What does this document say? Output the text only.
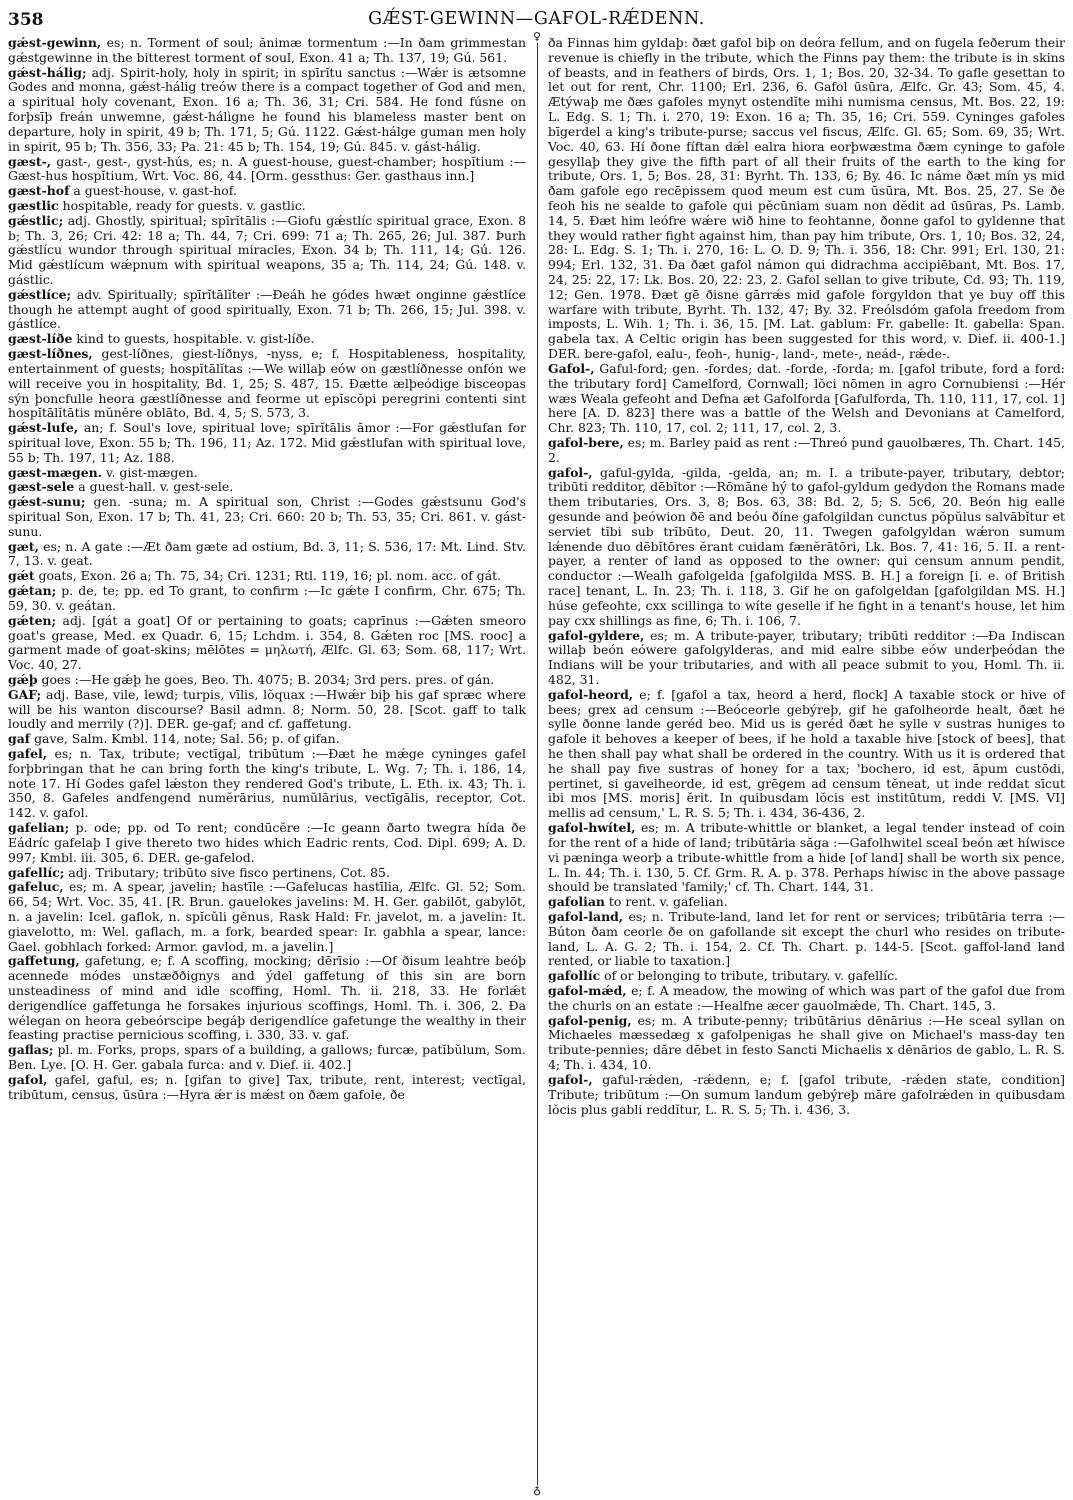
358	GǼST-GEWINN—GAFOL-RǼDENN.
♀
♁

gǽst-gewinn, es; n. Torment of soul; ănimæ tormentum :—In ðam grimmestan gǽstgewinne in the bitterest torment of soul, Exon. 41 a; Th. 137, 19; Gú. 561.

gǽst-hálig; adj. Spirit-holy, holy in spirit; in spīrĭtu sanctus :—Wǽr is ætsomne Godes and monna, gǽst-hálig treów there is a compact together of God and men, a spiritual holy covenant, Exon. 16 a; Th. 36, 31; Cri. 584. He fond fúsne on forþsīþ freán unwemne, gǽst-hálìgne he found his blameless master bent on departure, holy in spirit, 49 b; Th. 171, 5; Gú. 1122. Gǽst-hálge guman men holy in spirit, 95 b; Th. 356, 33; Pa. 21: 45 b; Th. 154, 19; Gú. 845. v. gást-hálig.

gæst-, gast-, gest-, gyst-hús, es; n. A guest-house, guest-chamber; hospĭtium :—Gæst-hus hospĭtium, Wrt. Voc. 86, 44. [Orm. gessthus: Ger. gasthaus inn.]

gæst-hof a guest-house, v. gast-hof.

gæstlic hospitable, ready for guests. v. gastlic.

gǽstlic; adj. Ghostly, spiritual; spīrĭtālis :—Giofu gǽstlíc spiritual grace, Exon. 8 b; Th. 3, 26; Cri. 42: 18 a; Th. 44, 7; Cri. 699: 71 a; Th. 265, 26; Jul. 387. Þurh gǽstlícu wundor through spiritual miracles, Exon. 34 b; Th. 111, 14; Gú. 126. Mid gǽstlícum wǽpnum with spiritual weapons, 35 a; Th. 114, 24; Gú. 148. v. gástlic.

gǽstlíce; adv. Spiritually; spīrĭtālĭter :—Ðeáh he gódes hwæt onginne gǽstlíce though he attempt aught of good spiritually, Exon. 71 b; Th. 266, 15; Jul. 398. v. gástlíce.

gæst-líðe kind to guests, hospitable. v. gist-líðe.

gæst-líðnes, gest-líðnes, giest-líðnys, -nyss, e; f. Hospitableness, hospitality, entertainment of guests; hospĭtālĭtas :—We willaþ eów on gæstlíðnesse onfón we will receive you in hospitality, Bd. 1, 25; S. 487, 15. Ðætte ælþeódige bisceopas sýn þoncfulle heora gæstlíðnesse and feorme ut epĭscŏpi peregrini contenti sint hospĭtālĭtātis mŭnĕre oblāto, Bd. 4, 5; S. 573, 3.

gǽst-lufe, an; f. Soul's love, spiritual love; spīrĭtālis ămor :—For gǽstlufan for spiritual love, Exon. 55 b; Th. 196, 11; Az. 172. Mid gǽstlufan with spiritual love, 55 b; Th. 197, 11; Az. 188.

gæst-mægen. v. gist-mægen.

gæst-sele a guest-hall. v. gest-sele.

gǽst-sunu; gen. -suna; m. A spiritual son, Christ :—Godes gǽstsunu God's spiritual Son, Exon. 17 b; Th. 41, 23; Cri. 660: 20 b; Th. 53, 35; Cri. 861. v. gást-sunu.

gæt, es; n. A gate :—Æt ðam gæte ad ostium, Bd. 3, 11; S. 536, 17: Mt. Lind. Stv. 7, 13. v. geat.

gǽt goats, Exon. 26 a; Th. 75, 34; Cri. 1231; Rtl. 119, 16; pl. nom. acc. of gát.

gǽtan; p. de, te; pp. ed To grant, to confirm :—Ic gǽte I confirm, Chr. 675; Th. 59, 30. v. geátan.

gǽten; adj. [gát a goat] Of or pertaining to goats; caprīnus :—Gǽten smeoro goat's grease, Med. ex Quadr. 6, 15; Lchdm. i. 354, 8. Gǽten roc [MS. rooc] a garment made of goat-skins; mēlōtes = μηλωτή, Ælfc. Gl. 63; Som. 68, 117; Wrt. Voc. 40, 27.

gǽþ goes :—He gǽþ he goes, Beo. Th. 4075; B. 2034; 3rd pers. pres. of gán.

GAF; adj. Base, vile, lewd; turpis, vīlis, lŏquax :—Hwǽr biþ his gaf spræc where will be his wanton discourse? Basil admn. 8; Norm. 50, 28. [Scot. gaff to talk loudly and merrily (?)]. DER. ge-gaf; and cf. gaffetung.

gaf gave, Salm. Kmbl. 114, note; Sal. 56; p. of gifan.

gafel, es; n. Tax, tribute; vectīgal, tribūtum :—Ðæt he mǽge cyninges gafel forþbringan that he can bring forth the king's tribute, L. Wg. 7; Th. i. 186, 14, note 17. Hí Godes gafel lǽston they rendered God's tribute, L. Eth. ix. 43; Th. i. 350, 8. Gafeles andfengend numĕrārius, numŭlārius, vectīgālis, receptor, Cot. 142. v. gafol.

gafelian; p. ode; pp. od To rent; condūcĕre :—Ic geann ðarto twegra hída ðe Eádríc gafelaþ I give thereto two hides which Eadric rents, Cod. Dipl. 699; A. D. 997; Kmbl. iii. 305, 6. DER. ge-gafelod.

gafellíc; adj. Tributary; tribūto sive fisco pertinens, Cot. 85.

gafeluc, es; m. A spear, javelin; hastīle :—Gafelucas hastīlia, Ælfc. Gl. 52; Som. 66, 54; Wrt. Voc. 35, 41. [R. Brun. gauelokes javelins: M. H. Ger. gabilōt, gabylōt, n. a javelin: Icel. gaflok, n. spĭcŭli gĕnus, Rask Hald: Fr. javelot, m. a javelin: It. giavelotto, m: Wel. gaflach, m. a fork, bearded spear: Ir. gabhla a spear, lance: Gael. gobhlach forked: Armor. gavlod, m. a javelin.]

gaffetung, gafetung, e; f. A scoffing, mocking; dērīsio :—Of ðisum leahtre beóþ acennede módes unstæððignys and ýdel gaffetung of this sin are born unsteadiness of mind and idle scoffing, Homl. Th. ii. 218, 33. He forlǽt derigendlíce gaffetunga he forsakes injurious scoffings, Homl. Th. i. 306, 2. Ða wélegan on heora gebeórscipe begáþ derigendlíce gafetunge the wealthy in their feasting practise pernicious scoffing, i. 330, 33. v. gaf.

gaflas; pl. m. Forks, props, spars of a building, a gallows; furcæ, patĭbŭlum, Som. Ben. Lye. [O. H. Ger. gabala furca: and v. Dief. ii. 402.]

gafol, gafel, gaful, es; n. [gifan to give] Tax, tribute, rent, interest; vectīgal, tribūtum, census, ūsūra :—Hyra ǽr is mǽst on ðæm gafole, ðe

ða Finnas him gyldaþ: ðæt gafol biþ on deóra fellum, and on fugela feðerum their revenue is chiefly in the tribute, which the Finns pay them: the tribute is in skins of beasts, and in feathers of birds, Ors. 1, 1; Bos. 20, 32-34. To gafle gesettan to let out for rent, Chr. 1100; Erl. 236, 6. Gafol ūsūra, Ælfc. Gr. 43; Som. 45, 4. Ætýwaþ me ðæs gafoles mynyt ostendĭte mihi numisma census, Mt. Bos. 22, 19: L. Edg. S. 1; Th. i. 270, 19: Exon. 16 a; Th. 35, 16; Cri. 559. Cyninges gafoles bīgerdel a king's tribute-purse; saccus vel fiscus, Ælfc. Gl. 65; Som. 69, 35; Wrt. Voc. 40, 63. Hí ðone fíftan dǽl ealra hiora eorþwæstma ðæm cyninge to gafole gesyllaþ they give the fifth part of all their fruits of the earth to the king for tribute, Ors. 1, 5; Bos. 28, 31: Byrht. Th. 133, 6; By. 46. Ic náme ðæt mín ys mid ðam gafole ego recēpissem quod meum est cum ūsūra, Mt. Bos. 25, 27. Se ðe feoh his ne sealde to gafole qui pĕcūniam suam non dĕdit ad ūsūras, Ps. Lamb. 14, 5. Ðæt him leófre wǽre wið hine to feohtanne, ðonne gafol to gyldenne that they would rather fight against him, than pay him tribute, Ors. 1, 10; Bos. 32, 24, 28: L. Edg. S. 1; Th. i. 270, 16: L. O. D. 9; Th. i. 356, 18: Chr. 991; Erl. 130, 21: 994; Erl. 132, 31. Ða ðæt gafol námon qui didrachma accipiēbant, Mt. Bos. 17, 24, 25: 22, 17: Lk. Bos. 20, 22: 23, 2. Gafol sellan to give tribute, Cd. 93; Th. 119, 12; Gen. 1978. Ðæt gē ðisne gārrǽs mid gafole forgyldon that ye buy off this warfare with tribute, Byrht. Th. 132, 47; By. 32. Freólsdóm gafola freedom from imposts, L. Wih. 1; Th. i. 36, 15. [M. Lat. gablum: Fr. gabelle: It. gabella: Span. gabela tax. A Celtic origin has been suggested for this word, v. Dief. ii. 400-1.] DER. bere-gafol, ealu-, feoh-, hunig-, land-, mete-, neád-, rǽde-.

Gafol-, Gaful-ford; gen. -fordes; dat. -forde, -forda; m. [gafol tribute, ford a ford: the tributary ford] Camelford, Cornwall; lŏci nōmen in agro Cornubiensi :—Hér wæs Weala gefeoht and Defna æt Gafolforda [Gafulforda, Th. 110, 111, 17, col. 1] here [A. D. 823] there was a battle of the Welsh and Devonians at Camelford, Chr. 823; Th. 110, 17, col. 2; 111, 17, col. 2, 3.

gafol-bere, es; m. Barley paid as rent :—Threó pund gauolbæres, Th. Chart. 145, 2.

gafol-, gaful-gylda, -gilda, -gelda, an; m. I. a tribute-payer, tributary, debtor; tribūti redditor, dēbĭtor :—Rōmāne hý to gafol-gyldum gedydon the Romans made them tributaries, Ors. 3, 8; Bos. 63, 38: Bd. 2, 5; S. 5c6, 20. Beón hig ealle gesunde and þeówion ðē and beóu ðíne gafolgildan cunctus pŏpŭlus salvābĭtur et serviet tĭbi sub trĭbūto, Deut. 20, 11. Twegen gafolgyldan wǽron sumum lǽnende duo dēbĭtōres ĕrant cuidam fænĕrātōri, Lk. Bos. 7, 41: 16, 5. II. a rent-payer, a renter of land as opposed to the owner: qui censum annum pendit, conductor :—Wealh gafolgelda [gafolgilda MSS. B. H.] a foreign [i. e. of British race] tenant, L. In. 23; Th. i. 118, 3. Gif he on gafolgeldan [gafolgildan MS. H.] húse gefeohte, cxx scillinga to wíte geselle if he fight in a tenant's house, let him pay cxx shillings as fine, 6; Th. i. 106, 7.

gafol-gyldere, es; m. A tribute-payer, tributary; tribūti redditor :—Ða Indiscan willaþ beón eówere gafolgylderas, and mid ealre sibbe eów underþeódan the Indians will be your tributaries, and with all peace submit to you, Homl. Th. ii. 482, 31.

gafol-heord, e; f. [gafol a tax, heord a herd, flock] A taxable stock or hive of bees; grex ad censum :—Beóceorle gebýreþ, gif he gafolheorde healt, ðæt he sylle ðonne lande geréd beo. Mid us is geréd ðæt he sylle v sustras huniges to gafole it behoves a keeper of bees, if he hold a taxable hive [stock of bees], that he then shall pay what shall be ordered in the country. With us it is ordered that he shall pay five sustras of honey for a tax; 'bochero, id est, āpum custōdi, pertinet, si gavelheorde, id est, grēgem ad censum tĕneat, ut inde reddat sīcut ibi mos [MS. moris] ĕrit. In quibusdam lŏcis est institūtum, reddi V. [MS. VI] mellis ad censum,' L. R. S. 5; Th. i. 434, 36-436, 2.

gafol-hwítel, es; m. A tribute-whittle or blanket, a legal tender instead of coin for the rent of a hide of land; tribūtāria săga :—Gafolhwitel sceal beón æt híwisce vi pæninga weorþ a tribute-whittle from a hide [of land] shall be worth six pence, L. In. 44; Th. i. 130, 5. Cf. Grm. R. A. p. 378. Perhaps híwisc in the above passage should be translated 'family;' cf. Th. Chart. 144, 31.

gafolian to rent. v. gafelian.

gafol-land, es; n. Tribute-land, land let for rent or services; tribūtāria terra :—Búton ðam ceorle ðe on gafollande sit except the churl who resides on tribute-land, L. A. G. 2; Th. i. 154, 2. Cf. Th. Chart. p. 144-5. [Scot. gaffol-land land rented, or liable to taxation.]

gafollíc of or belonging to tribute, tributary. v. gafellíc.

gafol-mǽd, e; f. A meadow, the mowing of which was part of the gafol due from the churls on an estate :—Healfne æcer gauolmǽde, Th. Chart. 145, 3.

gafol-penig, es; m. A tribute-penny; tribūtārius dēnārius :—He sceal syllan on Michaeles mæssedæg x gafolpenigas he shall give on Michael's mass-day ten tribute-pennies; dăre dēbet in festo Sancti Michaelis x dēnārios de gablo, L. R. S. 4; Th. i. 434, 10.

gafol-, gaful-rǽden, -rǽdenn, e; f. [gafol tribute, -rǽden state, condition] Tribute; tribūtum :—On sumum landum gebýreþ māre gafolrǽden in quibusdam lŏcis plus gabli reddĭtur, L. R. S. 5; Th. i. 436, 3.
